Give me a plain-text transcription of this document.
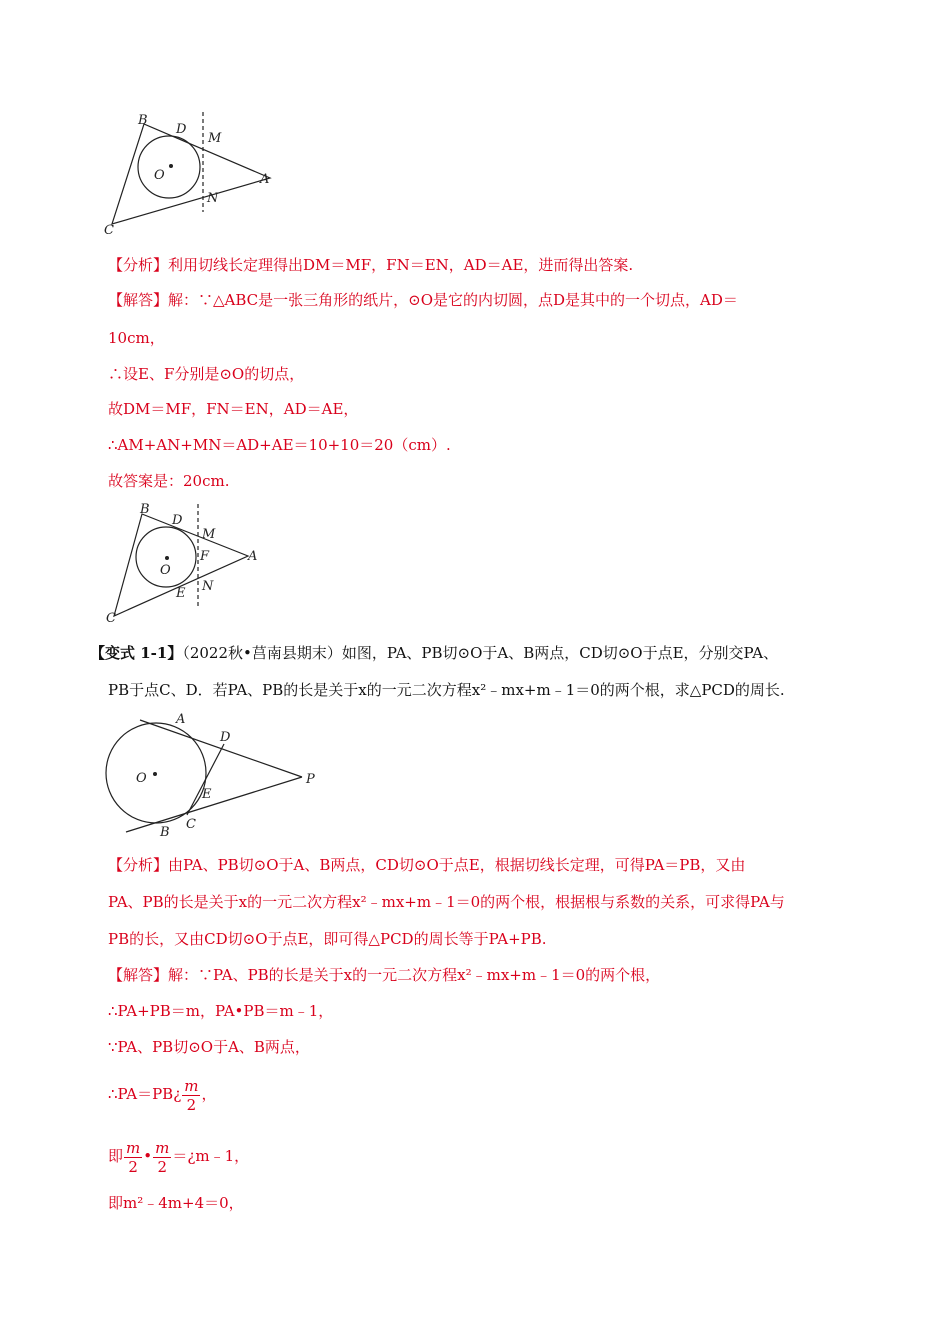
B
D
M
O	A
N
C
【分析】利用切线长定理得出DM＝MF，FN＝EN，AD＝AE，进而得出答案.
【解答】解：∵△ABC是一张三角形的纸片，⊙O是它的内切圆，点D是其中的一个切点，AD＝
10cm，
∴设E、F分别是⊙O的切点，
故DM＝MF，FN＝EN，AD＝AE，
∴AM+AN+MN＝AD+AE＝10+10＝20（cm）.
故答案是：20cm.
B
D
M
F
O
A
E N
C
【变式 1-1】（2022秋•莒南县期末）如图，PA、PB切⊙O于A、B两点，CD切⊙O于点E，分别交PA、
PB于点C、D．若PA、PB的长是关于x的一元二次方程x²﹣mx+m﹣1＝0的两个根，求△PCD的周长.
A
D
O	P
E
B
C
【分析】由PA、PB切⊙O于A、B两点，CD切⊙O于点E，根据切线长定理，可得PA＝PB，又由
PA、PB的长是关于x的一元二次方程x²﹣mx+m﹣1＝0的两个根，根据根与系数的关系，可求得PA与
PB的长，又由CD切⊙O于点E，即可得△PCD的周长等于PA+PB.
【解答】解：∵PA、PB的长是关于x的一元二次方程x²﹣mx+m﹣1＝0的两个根，
∴PA+PB＝m，PA•PB＝m﹣1，
∵PA、PB切⊙O于A、B两点，
∴PA＝PB¿ $\frac{m}{2}$ ，
即 $\frac{m}{2}$ • $\frac{m}{2}$ ＝¿m﹣1，
即m²﹣4m+4＝0，
